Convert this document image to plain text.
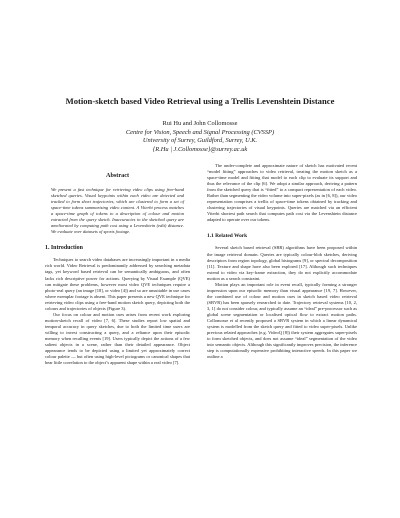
Motion-sketch based Video Retrieval using a Trellis Levenshtein Distance
Rui Hu and John Collomosse
Centre for Vision, Speech and Signal Processing (CVSSP)
University of Surrey, Guildford, Surrey, U.K.
{R.Hu | J.Collomosse}@surrey.ac.uk
Abstract

We present a fast technique for retrieving video clips using free-hand sketched queries. Visual keypoints within each video are detected and tracked to form short trajectories, which are clustered to form a set of space-time tokens summarising video content. A Viterbi process matches a space-time graph of tokens to a description of colour and motion extracted from the query sketch. Inaccuracies in the sketched query are ameliorated by computing path cost using a Levenshtein (edit) distance. We evaluate over datasets of sports footage.

1. Introduction

Techniques to search video databases are increasingly important in a media rich world. Video Retrieval is predominantly addressed by searching metadata tags, yet keyword based retrieval can be semantically ambiguous, and often lacks rich descriptive power for actions. Querying by Visual Example (QVE) can mitigate these problems, however most video QVE techniques require a photo-real query (an image [18], or video [4]) and so are unsuitable in use cases where exemplar footage is absent. This paper presents a new QVE technique for retrieving video clips using a free-hand motion sketch query, depicting both the colours and trajectories of objects (Figure 3).

Our focus on colour and motion cues arises from recent work exploring motion-sketch recall of video [7, 6]. These studies report low spatial and temporal accuracy in query sketches, due to both the limited time users are willing to invest constructing a query, and a reliance upon their episodic memory when recalling events [19]. Users typically depict the actions of a few salient objects in a scene, rather than their detailed appearance. Object appearance tends to be depicted using a limited yet approximately correct colour palette — but often using high-level pictograms or canonical shapes that bear little correlation to the object’s apparent shape within a real video [7].

The under-complete and approximate nature of sketch has motivated recent “model fitting” approaches to video retrieval, treating the motion sketch as a space-time model and fitting that model to each clip to evaluate its support and thus the relevance of the clip [6]. We adopt a similar approach, deriving a pattern from the sketched query that is “fitted” to a compact representation of each video. Rather than segmenting the video volume into super-pixels (as in [6, 8]), our video representation comprises a trellis of space-time tokens obtained by tracking and clustering trajectories of visual keypoints. Queries are matched via an efficient Viterbi shortest path search that computes path cost via the Levenshtein distance adapted to operate over our tokens.

1.1 Related Work

Several sketch based retrieval (SBR) algorithms have been proposed within the image retrieval domain. Queries are typically colour-blob sketches, deriving descriptors from region topology, global histograms [9], or spectral decomposition [11]. Texture and shape have also been explored [17]. Although such techniques extend to video via key-frame extraction, they do not explicitly accommodate motion as a search constraint.

Motion plays an important role in event recall, typically forming a stronger impression upon our episodic memory than visual appearance [19, 7]. However, the combined use of colour and motion cues in sketch based video retrieval (SBVR) has been sparsely researched to date. Trajectory retrieval systems [10, 2, 3, 1] do not consider colour, and typically assume an “ideal” pre-processor such as global scene segmentation or localised optical flow to extract motion paths. Collomosse et al recently proposed a SBVR system in which a linear dynamical system is modelled from the sketch query and fitted to video super-pixels. Unlike previous related approaches (e.g. VideoQ [8]) their system aggregates super-pixels to form sketched objects, and does not assume “ideal” segmentation of the video into semantic objects. Although this significantly improves precision, the inference step is computationally expensive prohibiting interactive speeds. In this paper we outline a
